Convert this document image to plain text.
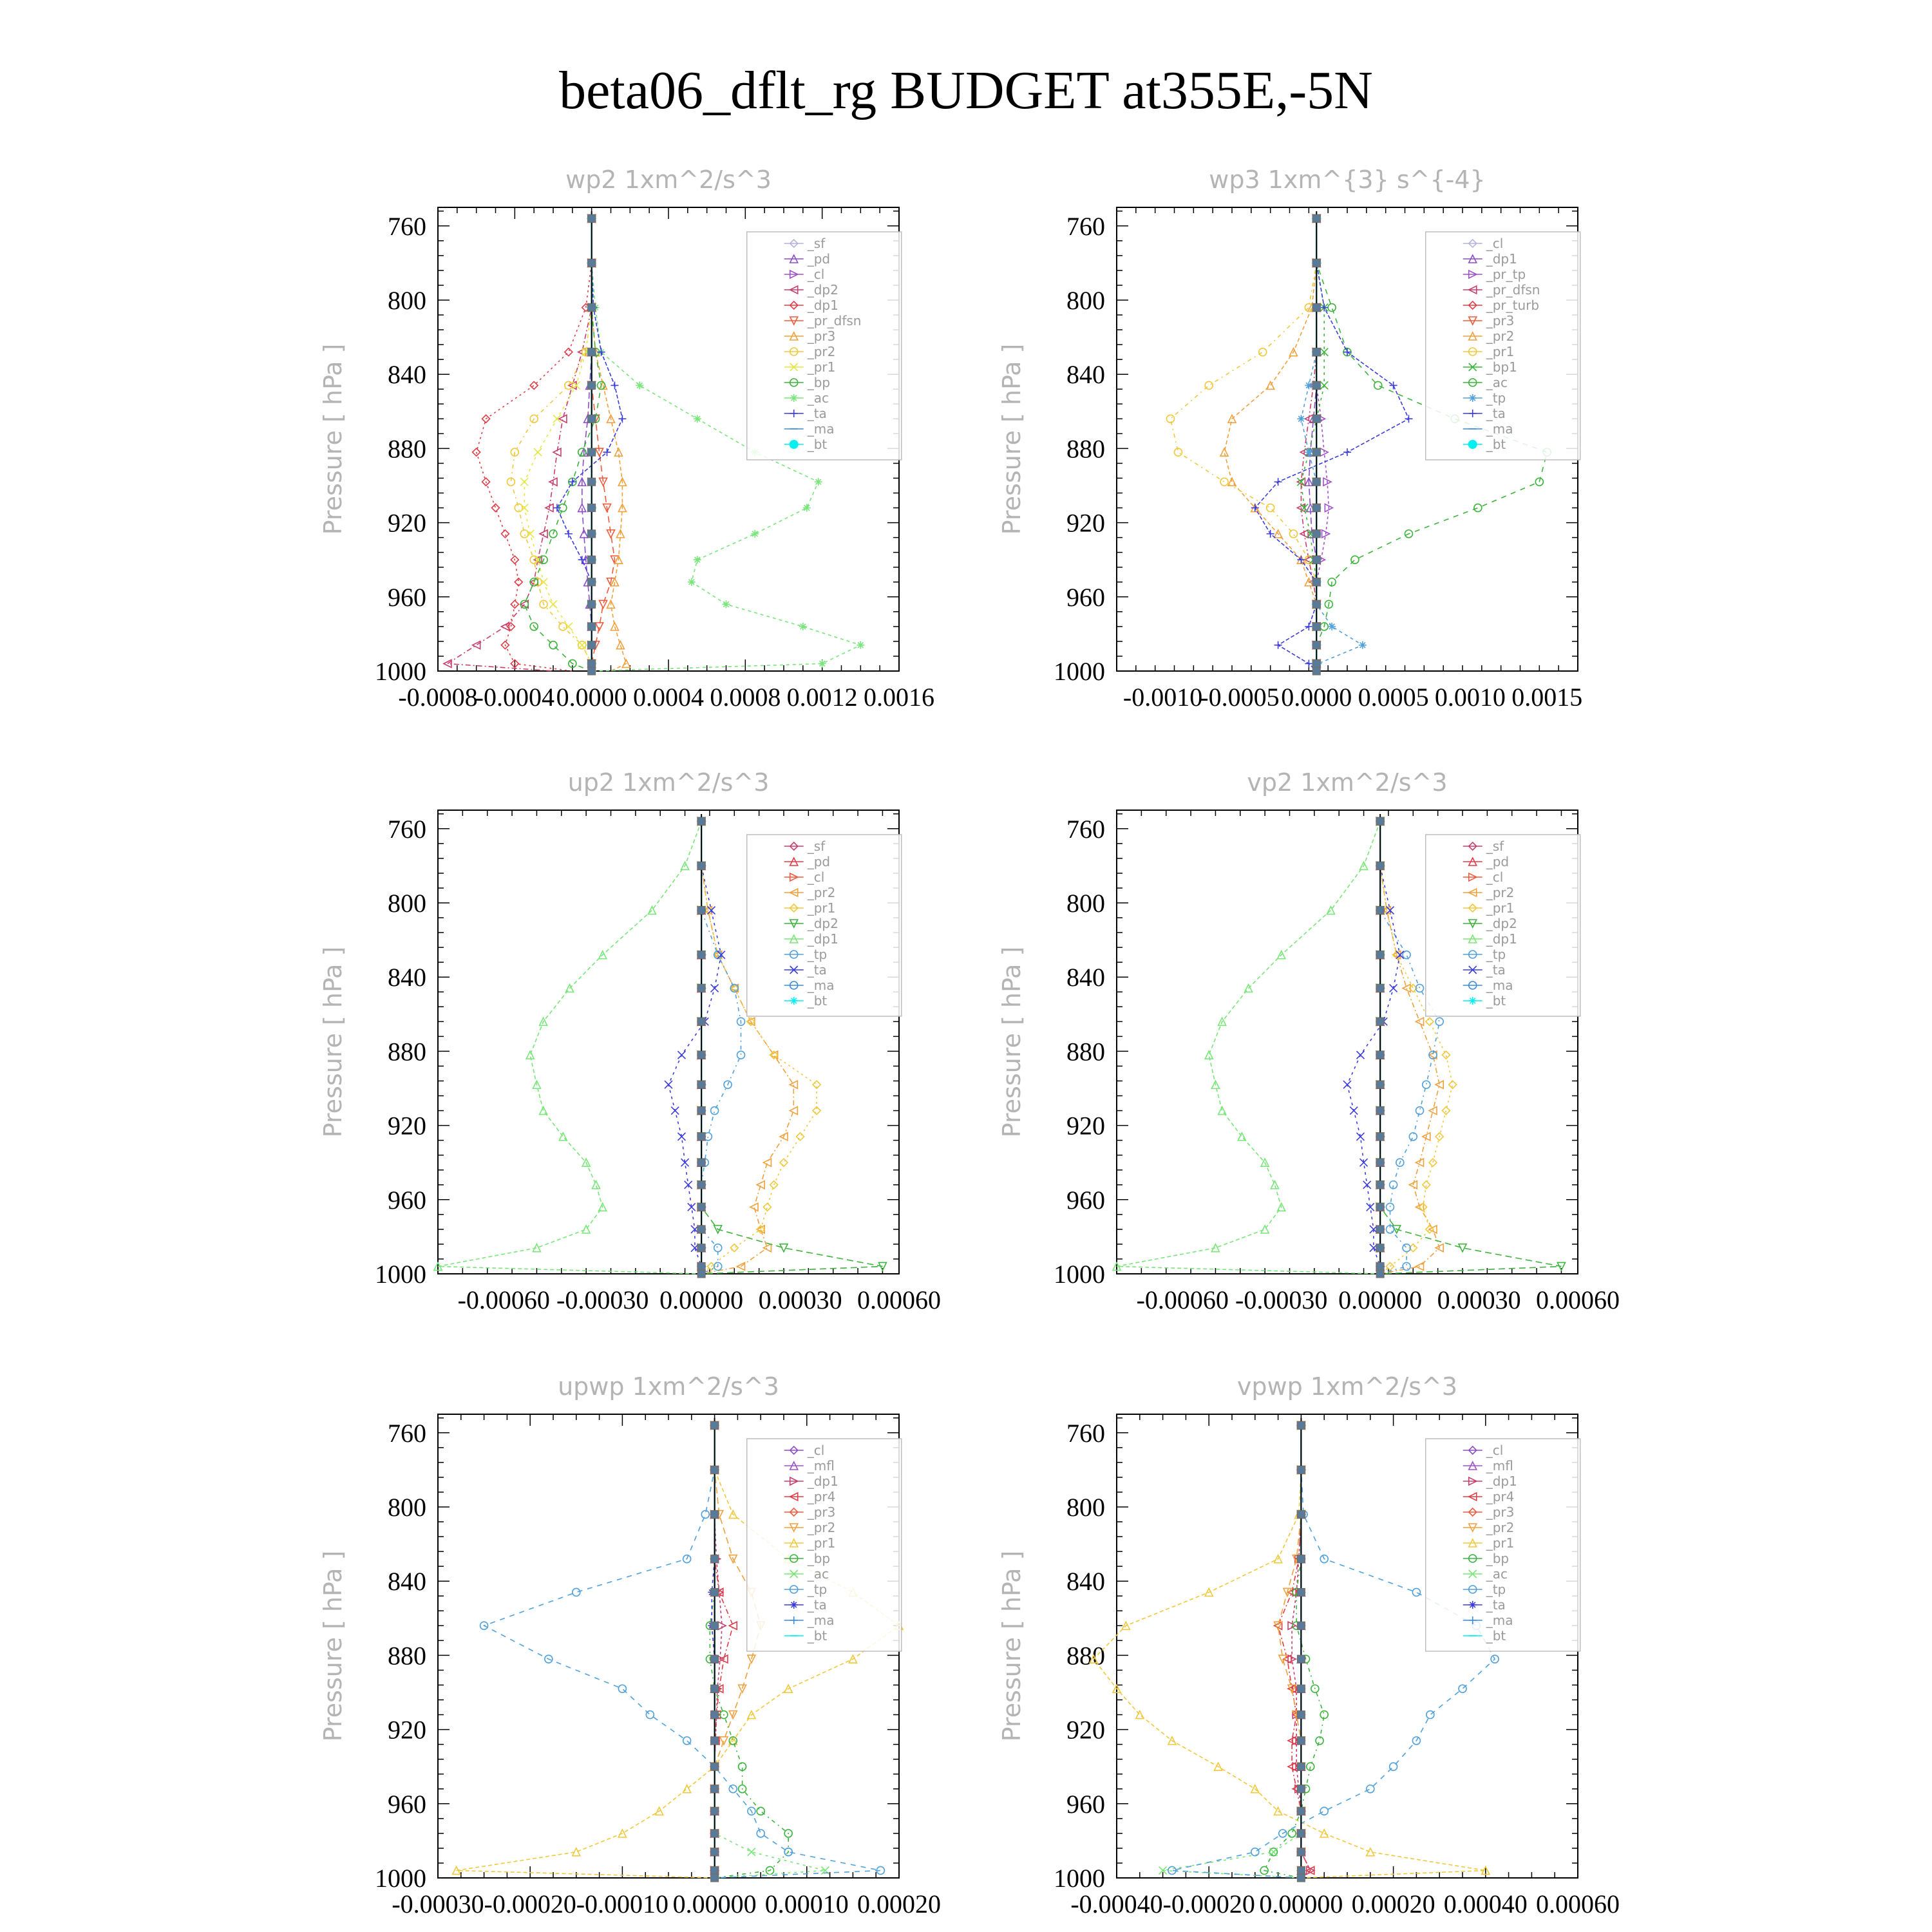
beta06_dflt_rg BUDGET at355E,-5N
wp2 1xm^2/s^3
Pressure [ hPa ]
760
800
840
880
920
960
1000
-0.0008
-0.0004 0.0000 0.0004 0.0008 0.0012 0.0016
_sf
_pd
_cl
_dp2
_dp1
_pr_dfsn
_pr3
_pr2
_pr1
_bp
_ac
_ta
_ma
_bt
wp3 1xm^{3} s^{-4}
Pressure [ hPa ]
760
800
840
880
920
960
1000
-0.0010
-0.0005 0.0000 0.0005 0.0010 0.0015
_cl
_dp1
_pr_tp
_pr_dfsn
_pr_turb
_pr3
_pr2
_pr1
_bp1
_ac
_tp
_ta
_ma
_bt
up2 1xm^2/s^3
Pressure [ hPa ]
760
800
840
880
920
960
1000
-0.00060 -0.00030 0.00000 0.00030 0.00060
_sf
_pd
_cl
_pr2
_pr1
_dp2
_dp1
_tp
_ta
_ma
_bt
vp2 1xm^2/s^3
Pressure [ hPa ]
760
800
840
880
920
960
1000
-0.00060 -0.00030 0.00000 0.00030 0.00060
_sf
_pd
_cl
_pr2
_pr1
_dp2
_dp1
_tp
_ta
_ma
_bt
upwp 1xm^2/s^3
Pressure [ hPa ]
760
800
840
880
920
960
1000
-0.00030 -0.00020 -0.00010 0.00000 0.00010 0.00020
_cl
_mfl
_dp1
_pr4
_pr3
_pr2
_pr1
_bp
_ac
_tp
_ta
_ma
_bt
vpwp 1xm^2/s^3
Pressure [ hPa ]
760
800
840
880
920
960
1000
-0.00040 -0.00020 0.00000 0.00020 0.00040 0.00060
_cl
_mfl
_dp1
_pr4
_pr3
_pr2
_pr1
_bp
_ac
_tp
_ta
_ma
_bt
